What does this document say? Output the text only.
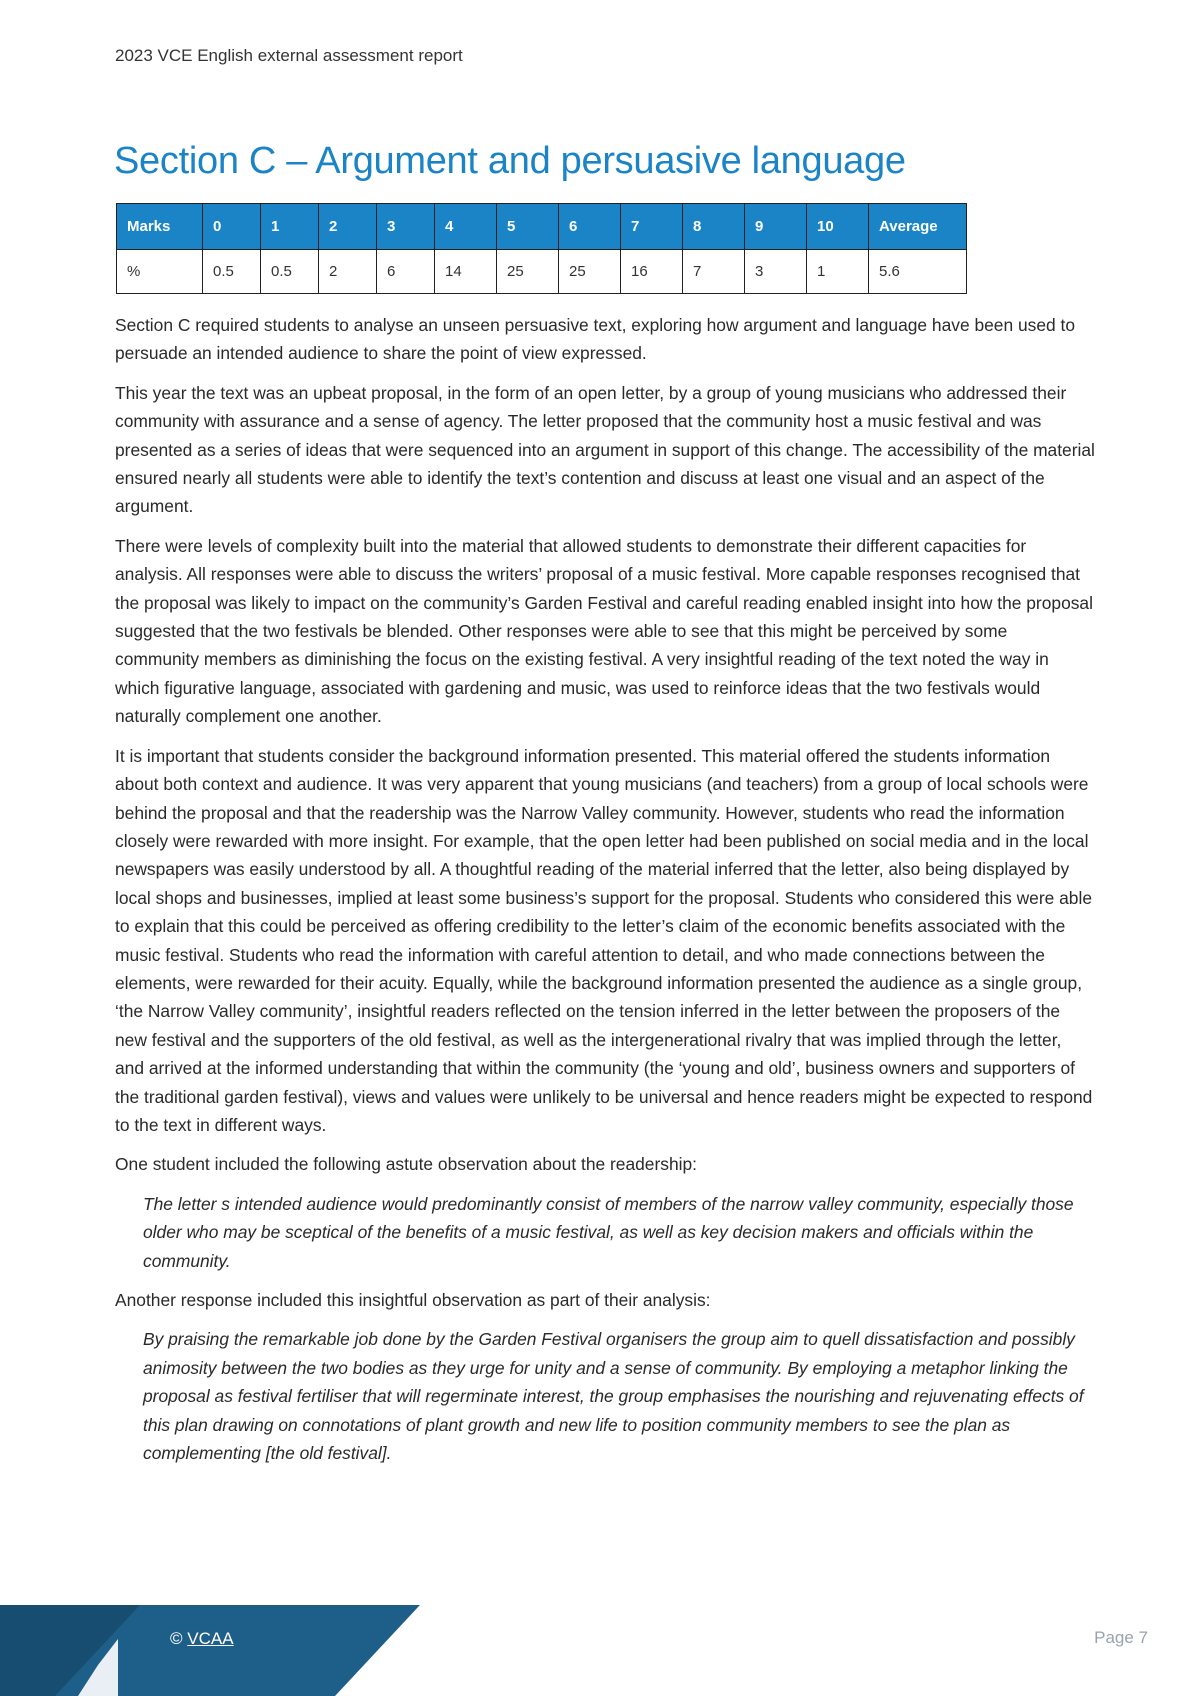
2023 VCE English external assessment report
Section C – Argument and persuasive language
Marks	0	1	2	3	4	5	6	7	8	9	10	Average
%	0.5	0.5	2	6	14	25	25	16	7	3	1	5.6

Section C required students to analyse an unseen persuasive text, exploring how argument and language have been used to persuade an intended audience to share the point of view expressed.

This year the text was an upbeat proposal, in the form of an open letter, by a group of young musicians who addressed their community with assurance and a sense of agency. The letter proposed that the community host a music festival and was presented as a series of ideas that were sequenced into an argument in support of this change. The accessibility of the material ensured nearly all students were able to identify the text’s contention and discuss at least one visual and an aspect of the argument.

There were levels of complexity built into the material that allowed students to demonstrate their different capacities for analysis. All responses were able to discuss the writers’ proposal of a music festival. More capable responses recognised that the proposal was likely to impact on the community’s Garden Festival and careful reading enabled insight into how the proposal suggested that the two festivals be blended. Other responses were able to see that this might be perceived by some community members as diminishing the focus on the existing festival. A very insightful reading of the text noted the way in which figurative language, associated with gardening and music, was used to reinforce ideas that the two festivals would naturally complement one another.

It is important that students consider the background information presented. This material offered the students information about both context and audience. It was very apparent that young musicians (and teachers) from a group of local schools were behind the proposal and that the readership was the Narrow Valley community. However, students who read the information closely were rewarded with more insight. For example, that the open letter had been published on social media and in the local newspapers was easily understood by all. A thoughtful reading of the material inferred that the letter, also being displayed by local shops and businesses, implied at least some business’s support for the proposal. Students who considered this were able to explain that this could be perceived as offering credibility to the letter’s claim of the economic benefits associated with the music festival. Students who read the information with careful attention to detail, and who made connections between the elements, were rewarded for their acuity. Equally, while the background information presented the audience as a single group, ‘the Narrow Valley community’, insightful readers reflected on the tension inferred in the letter between the proposers of the new festival and the supporters of the old festival, as well as the intergenerational rivalry that was implied through the letter, and arrived at the informed understanding that within the community (the ‘young and old’, business owners and supporters of the traditional garden festival), views and values were unlikely to be universal and hence readers might be expected to respond to the text in different ways.

One student included the following astute observation about the readership:

The letter s intended audience would predominantly consist of members of the narrow valley community, especially those older who may be sceptical of the benefits of a music festival, as well as key decision makers and officials within the community.

Another response included this insightful observation as part of their analysis:

By praising the remarkable job done by the Garden Festival organisers the group aim to quell dissatisfaction and possibly animosity between the two bodies as they urge for unity and a sense of community. By employing a metaphor linking the proposal as festival fertiliser that will regerminate interest, the group emphasises the nourishing and rejuvenating effects of this plan drawing on connotations of plant growth and new life to position community members to see the plan as complementing [the old festival].
© VCAA	Page 7
